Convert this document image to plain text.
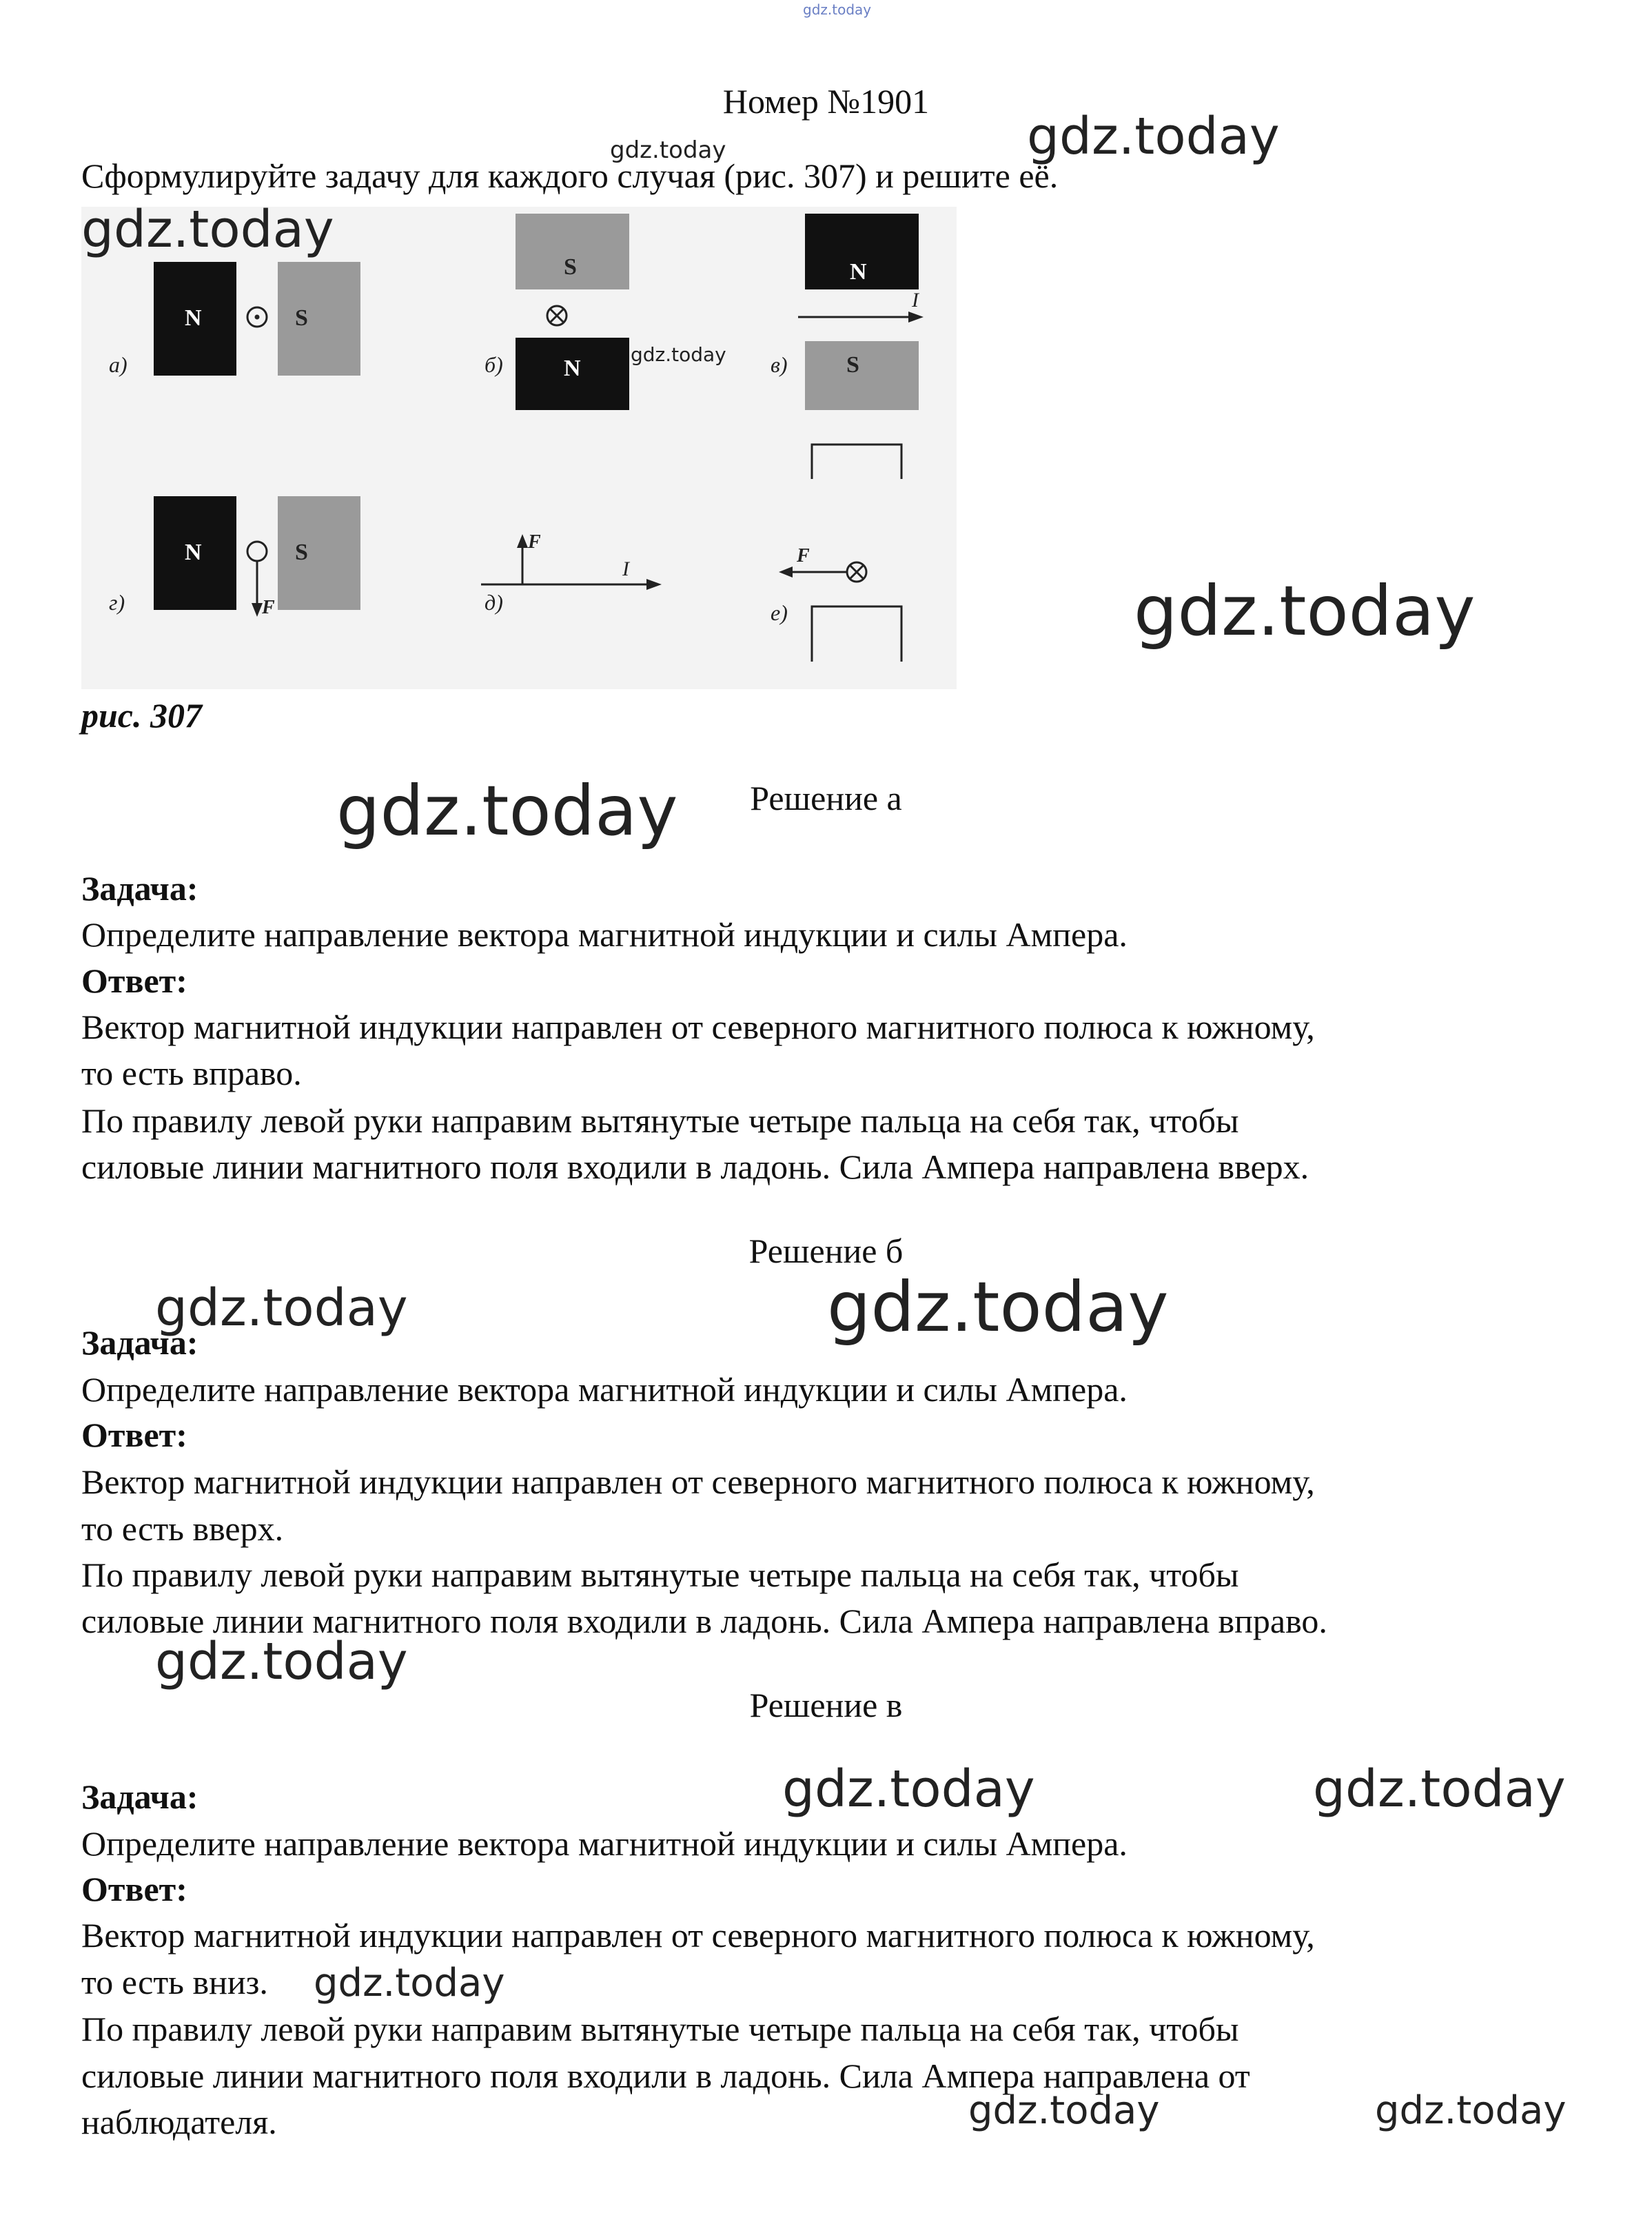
gdz.today
Номер №1901
Сформулируйте задачу для каждого случая (рис. 307) и решите её.
N	S
а)
S
N
б)
N
I
S
в)
N
F
S
г)
F
I
д)
F
е)
рис. 307
Решение а
Задача:
Определите направление вектора магнитной индукции и силы Ампера.
Ответ:
Вектор магнитной индукции направлен от северного магнитного полюса к южному,
то есть вправо.
По правилу левой руки направим вытянутые четыре пальца на себя так, чтобы
силовые линии магнитного поля входили в ладонь. Сила Ампера направлена вверх.
Решение б
Задача:
Определите направление вектора магнитной индукции и силы Ампера.
Ответ:
Вектор магнитной индукции направлен от северного магнитного полюса к южному,
то есть вверх.
По правилу левой руки направим вытянутые четыре пальца на себя так, чтобы
силовые линии магнитного поля входили в ладонь. Сила Ампера направлена вправо.
Решение в
Задача:
Определите направление вектора магнитной индукции и силы Ампера.
Ответ:
Вектор магнитной индукции направлен от северного магнитного полюса к южному,
то есть вниз.
По правилу левой руки направим вытянутые четыре пальца на себя так, чтобы
силовые линии магнитного поля входили в ладонь. Сила Ампера направлена от
наблюдателя.
gdz.today
gdz.today
gdz.today
gdz.today
gdz.today
gdz.today
gdz.today
gdz.today
gdz.today
gdz.today	gdz.today
gdz.today
gdz.today	gdz.today
